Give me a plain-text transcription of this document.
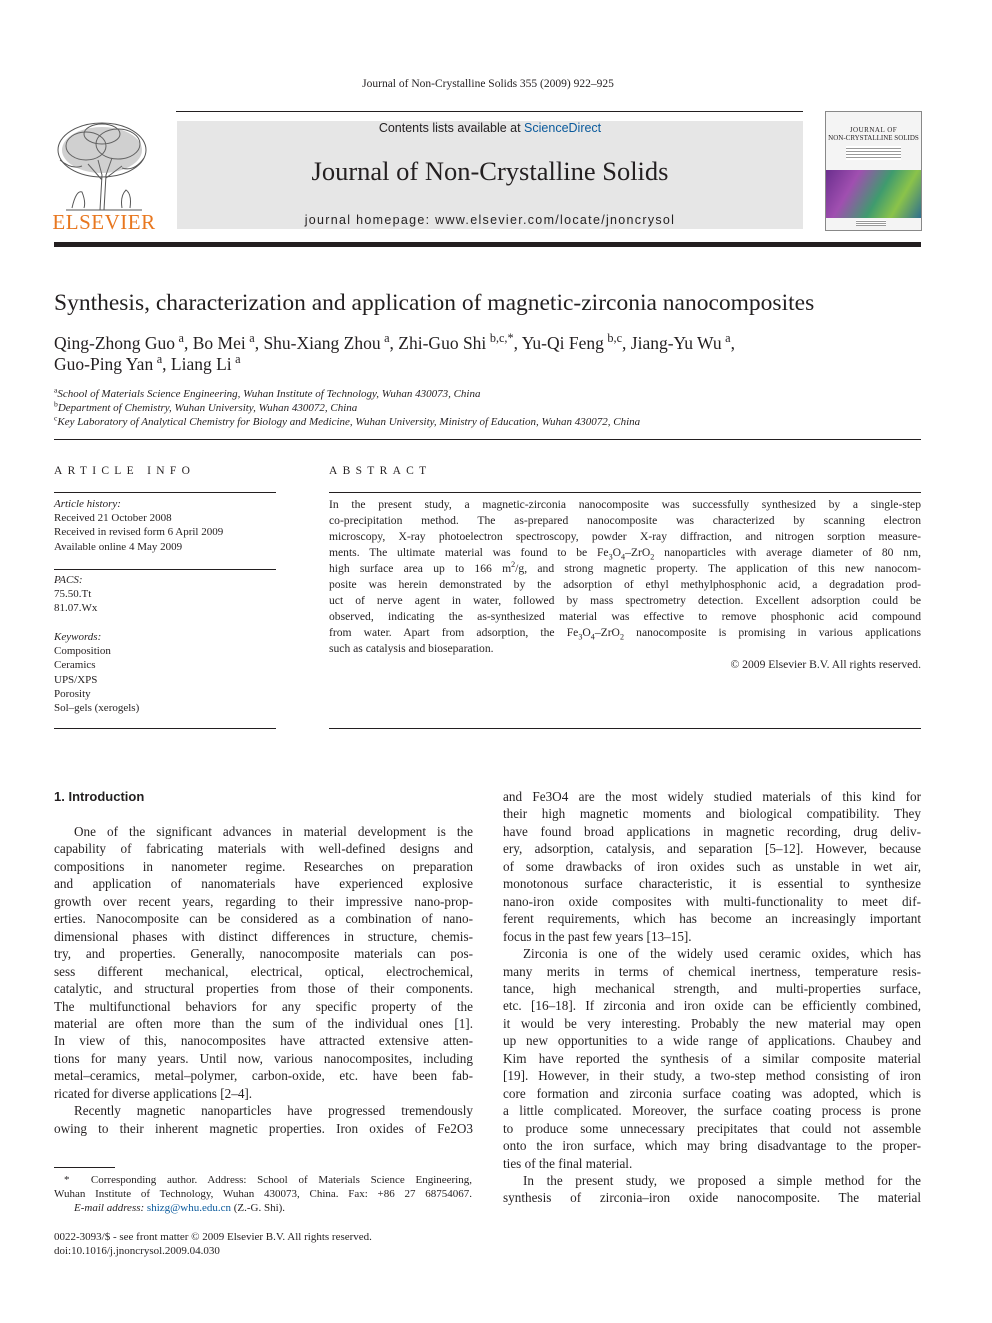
Journal of Non-Crystalline Solids 355 (2009) 922–925
ELSEVIER
Contents lists available at ScienceDirect
Journal of Non-Crystalline Solids
journal homepage: www.elsevier.com/locate/jnoncrysol
JOURNAL OF
NON-CRYSTALLINE SOLIDS
Synthesis, characterization and application of magnetic-zirconia nanocomposites
Qing-Zhong Guo  $^a$, Bo Mei  $^a$, Shu-Xiang Zhou  $^a$, Zhi-Guo Shi  $^{b,c,*}$, Yu-Qi Feng  $^{b,c}$, Jiang-Yu Wu  $^a$,
Guo-Ping Yan  $^a$, Liang Li  $^a$
$^a$School of Materials Science Engineering, Wuhan Institute of Technology, Wuhan 430073, China
$^b$Department of Chemistry, Wuhan University, Wuhan 430072, China
$^c$Key Laboratory of Analytical Chemistry for Biology and Medicine, Wuhan University, Ministry of Education, Wuhan 430072, China
ARTICLE INFO
Article history:
Received 21 October 2008
Received in revised form 6 April 2009
Available online 4 May 2009
PACS:
75.50.Tt
81.07.Wx
Keywords:
Composition
Ceramics
UPS/XPS
Porosity
Sol–gels (xerogels)
ABSTRACT
In the present study, a magnetic-zirconia nanocomposite was successfully synthesized by a single-step
co-precipitation method. The as-prepared nanocomposite was characterized by scanning electron
microscopy, X-ray photoelectron spectroscopy, powder X-ray diffraction, and nitrogen sorption measure-
ments. The ultimate material was found to be $Fe_3O_4-ZrO_2$ nanoparticles with average diameter of 80 nm,
high surface area up to 166 $m^2/g$, and strong magnetic property. The application of this new nanocom-
posite was herein demonstrated by the adsorption of ethyl methylphosphonic acid, a degradation prod-
uct of nerve agent in water, followed by mass spectrometry detection. Excellent adsorption could be
observed, indicating the as-synthesized material was effective to remove phosphonic acid compound
from water. Apart from adsorption, the $Fe_3O_4-ZrO_2$ nanocomposite is promising in various applications
such as catalysis and bioseparation.
© 2009 Elsevier B.V. All rights reserved.
1. Introduction
One of the significant advances in material development is the
capability of fabricating materials with well-defined designs and
compositions in nanometer regime. Researches on preparation
and application of nanomaterials have experienced explosive
growth over recent years, regarding to their impressive nano-prop-
erties. Nanocomposite can be considered as a combination of nano-
dimensional phases with distinct differences in structure, chemis-
try, and properties. Generally, nanocomposite materials can pos-
sess different mechanical, electrical, optical, electrochemical,
catalytic, and structural properties from those of their components.
The multifunctional behaviors for any specific property of the
material are often more than the sum of the individual ones [1].
In view of this, nanocomposites have attracted extensive atten-
tions for many years. Until now, various nanocomposites, including
metal–ceramics, metal–polymer, carbon-oxide, etc. have been fab-
ricated for diverse applications [2–4].
Recently magnetic nanoparticles have progressed tremendously
owing to their inherent magnetic properties. Iron oxides of Fe2O3
and Fe3O4 are the most widely studied materials of this kind for
their high magnetic moments and biological compatibility. They
have found broad applications in magnetic recording, drug deliv-
ery, adsorption, catalysis, and separation [5–12]. However, because
of some drawbacks of iron oxides such as unstable in wet air,
monotonous surface characteristic, it is essential to synthesize
nano-iron oxide composites with multi-functionality to meet dif-
ferent requirements, which has become an increasingly important
focus in the past few years [13–15].
Zirconia is one of the widely used ceramic oxides, which has
many merits in terms of chemical inertness, temperature resis-
tance, high mechanical strength, and multi-properties surface,
etc. [16–18]. If zirconia and iron oxide can be efficiently combined,
it would be very interesting. Probably the new material may open
up new opportunities to a wide range of applications. Chaubey and
Kim have reported the synthesis of a similar composite material
[19]. However, in their study, a two-step method consisting of iron
core formation and zirconia surface coating was adopted, which is
a little complicated. Moreover, the surface coating process is prone
to produce some unnecessary precipitates that could not assemble
onto the iron surface, which may bring disadvantage to the proper-
ties of the final material.
In the present study, we proposed a simple method for the
synthesis of zirconia–iron oxide nanocomposite. The material
* Corresponding author. Address: School of Materials Science Engineering,
Wuhan Institute of Technology, Wuhan 430073, China. Fax: +86 27 68754067.
E-mail address: shizg@whu.edu.cn (Z.-G. Shi).
0022-3093/$ - see front matter © 2009 Elsevier B.V. All rights reserved.
doi:10.1016/j.jnoncrysol.2009.04.030
